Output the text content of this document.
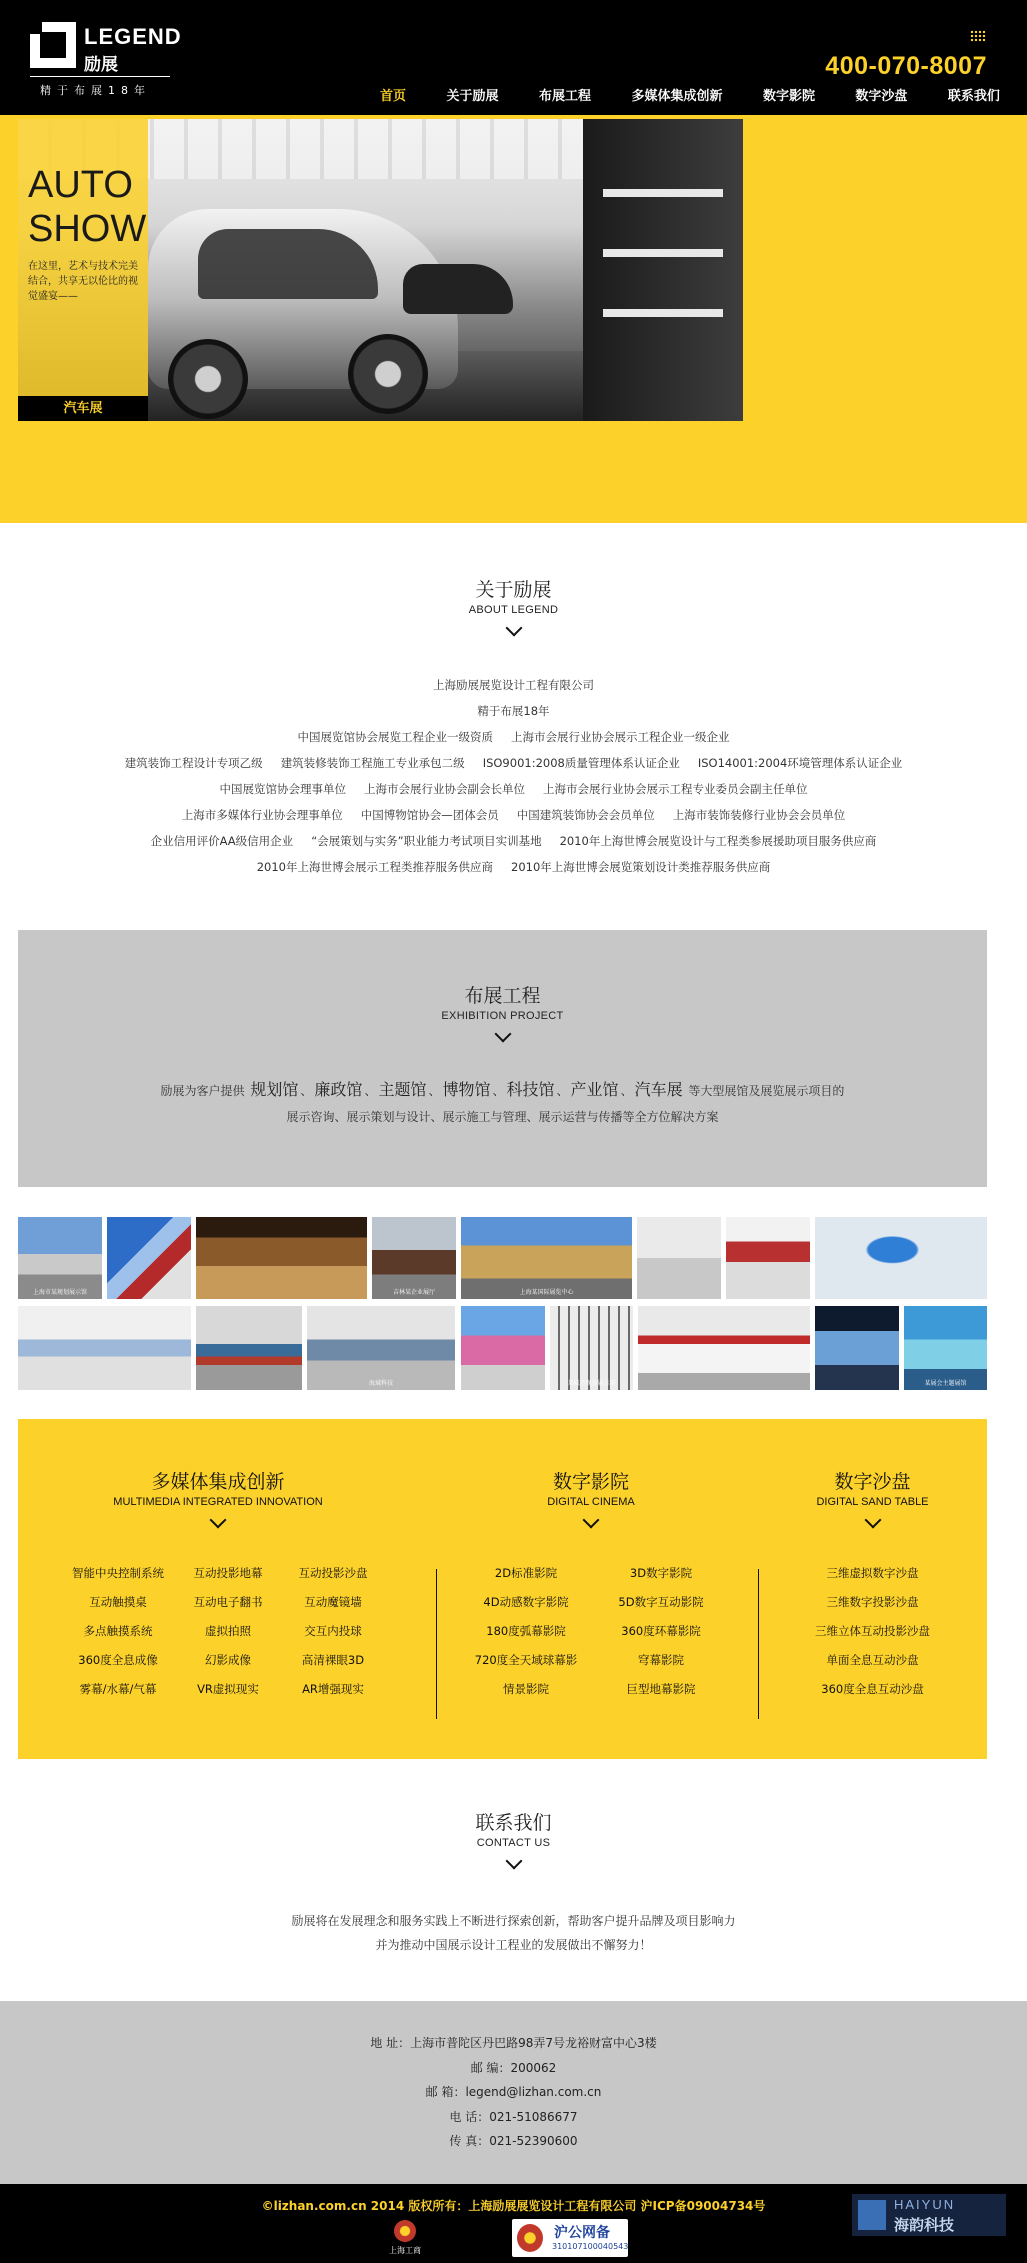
LEGEND
励展
精于布展18年
400-070-8007
首页	关于励展	布展工程	多媒体集成创新	数字影院	数字沙盘	联系我们
AUTO
SHOW
在这里，艺术与技术完美结合，共享无以伦比的视觉盛宴——
汽车展
关于励展
ABOUT LEGEND
上海励展展览设计工程有限公司
精于布展18年
中国展览馆协会展览工程企业一级资质 上海市会展行业协会展示工程企业一级企业
建筑装饰工程设计专项乙级 建筑装修装饰工程施工专业承包二级 ISO9001:2008质量管理体系认证企业 ISO14001:2004环境管理体系认证企业
中国展览馆协会理事单位 上海市会展行业协会副会长单位 上海市会展行业协会展示工程专业委员会副主任单位
上海市多媒体行业协会理事单位 中国博物馆协会—团体会员 中国建筑装饰协会会员单位 上海市装饰装修行业协会会员单位
企业信用评价AA级信用企业 “会展策划与实务”职业能力考试项目实训基地 2010年上海世博会展览设计与工程类参展援助项目服务供应商
2010年上海世博会展示工程类推荐服务供应商 2010年上海世博会展览策划设计类推荐服务供应商
布展工程
EXHIBITION PROJECT
励展为客户提供 规划馆 、 廉政馆 、 主题馆 、 博物馆 、 科技馆 、 产业馆 、 汽车展 等大型展馆及展览展示项目的
展示咨询、展示策划与设计、展示施工与管理、展示运营与传播等全方位解决方案
上海市某规划展示馆	吉林某企业展厅	上海某国际展览中心
海域科技	某城市规划展示馆	某展会主题展馆
多媒体集成创新
MULTIMEDIA INTEGRATED INNOVATION
智能中央控制系统	互动投影地幕	互动投影沙盘
互动触摸桌	互动电子翻书	互动魔镜墙
多点触摸系统	虚拟拍照	交互内投球
360度全息成像	幻影成像	高清裸眼3D
雾幕/水幕/气幕	VR虚拟现实	AR增强现实
数字影院
DIGITAL CINEMA
2D标准影院	3D数字影院
4D动感数字影院	5D数字互动影院
180度弧幕影院	360度环幕影院
720度全天域球幕影	穹幕影院
情景影院	巨型地幕影院
数字沙盘
DIGITAL SAND TABLE
三维虚拟数字沙盘
三维数字投影沙盘
三维立体互动投影沙盘
单面全息互动沙盘
360度全息互动沙盘
联系我们
CONTACT US
励展将在发展理念和服务实践上不断进行探索创新，帮助客户提升品牌及项目影响力
并为推动中国展示设计工程业的发展做出不懈努力！
地 址：上海市普陀区丹巴路98弄7号龙裕财富中心3楼
邮 编：200062
邮 箱：legend@lizhan.com.cn
电 话：021-51086677
传 真：021-52390600
©lizhan.com.cn 2014 版权所有：上海励展展览设计工程有限公司 沪ICP备09004734号
上海工商
沪公网备
310107100040543
HAIYUN
海韵科技
